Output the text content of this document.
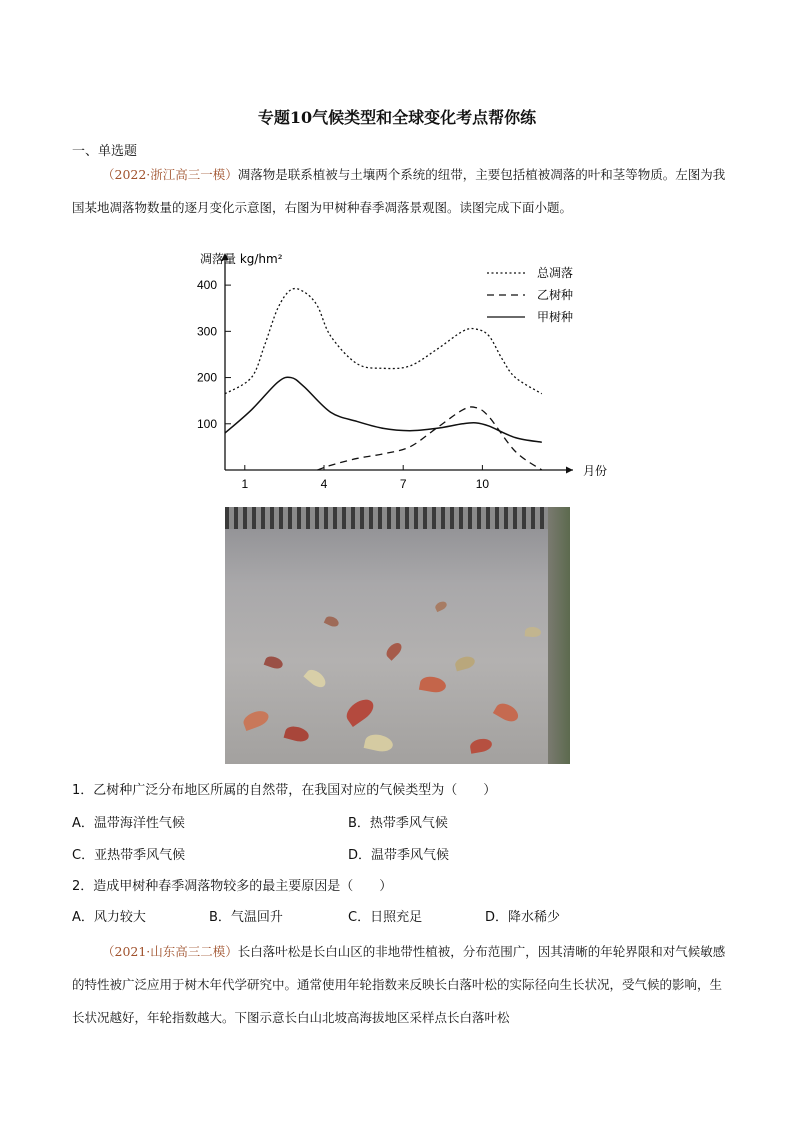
专题10气候类型和全球变化考点帮你练
一、单选题
（2022·浙江高三一模）凋落物是联系植被与土壤两个系统的纽带，主要包括植被凋落的叶和茎等物质。左图为我国某地凋落物数量的逐月变化示意图，右图为甲树种春季凋落景观图。读图完成下面小题。
100
200
300
400
1	4	7	10
凋落量 kg/hm²
月份
总凋落
乙树种
甲树种
1．乙树种广泛分布地区所属的自然带，在我国对应的气候类型为（　　）
A．温带海洋性气候	B．热带季风气候
C．亚热带季风气候	D．温带季风气候
2．造成甲树种春季凋落物较多的最主要原因是（　　）
A．风力较大	B．气温回升	C．日照充足	D．降水稀少
（2021·山东高三二模）长白落叶松是长白山区的非地带性植被，分布范围广，因其清晰的年轮界限和对气候敏感的特性被广泛应用于树木年代学研究中。通常使用年轮指数来反映长白落叶松的实际径向生长状况，受气候的影响，生长状况越好，年轮指数越大。下图示意长白山北坡高海拔地区采样点长白落叶松
